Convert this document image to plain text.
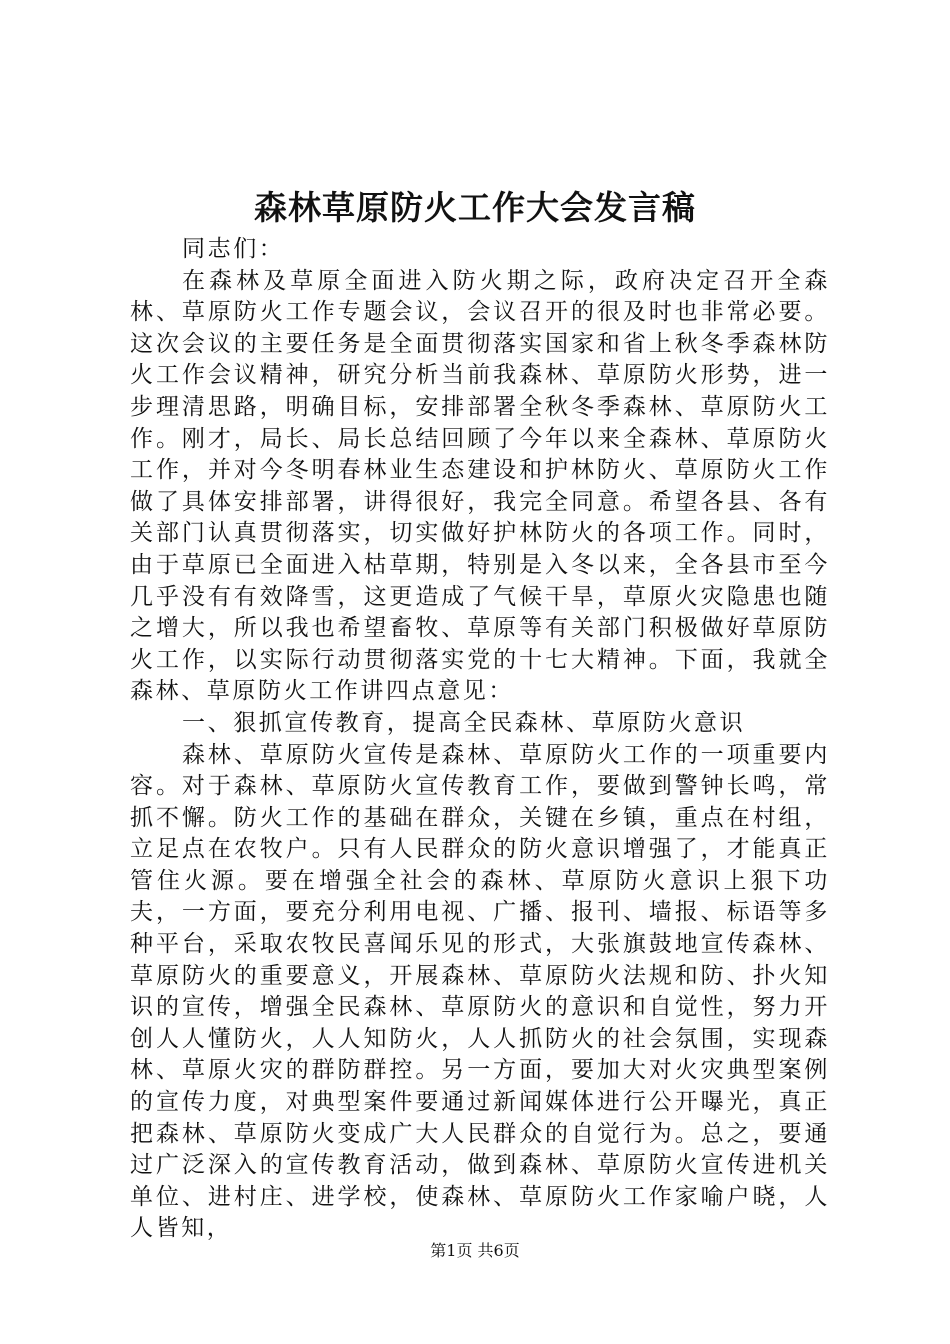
森林草原防火工作大会发言稿

同志们：

在森林及草原全面进入防火期之际，政府决定召开全森林、草原防火工作专题会议，会议召开的很及时也非常必要。这次会议的主要任务是全面贯彻落实国家和省上秋冬季森林防火工作会议精神，研究分析当前我森林、草原防火形势，进一步理清思路，明确目标，安排部署全秋冬季森林、草原防火工作。刚才，局长、局长总结回顾了今年以来全森林、草原防火工作，并对今冬明春林业生态建设和护林防火、草原防火工作做了具体安排部署，讲得很好，我完全同意。希望各县、各有关部门认真贯彻落实，切实做好护林防火的各项工作。同时，由于草原已全面进入枯草期，特别是入冬以来，全各县市至今几乎没有有效降雪，这更造成了气候干旱，草原火灾隐患也随之增大，所以我也希望畜牧、草原等有关部门积极做好草原防火工作，以实际行动贯彻落实党的十七大精神。下面，我就全森林、草原防火工作讲四点意见：

一、狠抓宣传教育，提高全民森林、草原防火意识

森林、草原防火宣传是森林、草原防火工作的一项重要内容。对于森林、草原防火宣传教育工作，要做到警钟长鸣，常抓不懈。防火工作的基础在群众，关键在乡镇，重点在村组，立足点在农牧户。只有人民群众的防火意识增强了，才能真正管住火源。要在增强全社会的森林、草原防火意识上狠下功夫，一方面，要充分利用电视、广播、报刊、墙报、标语等多种平台，采取农牧民喜闻乐见的形式，大张旗鼓地宣传森林、草原防火的重要意义，开展森林、草原防火法规和防、扑火知识的宣传，增强全民森林、草原防火的意识和自觉性，努力开创人人懂防火，人人知防火，人人抓防火的社会氛围，实现森林、草原火灾的群防群控。另一方面，要加大对火灾典型案例的宣传力度，对典型案件要通过新闻媒体进行公开曝光，真正把森林、草原防火变成广大人民群众的自觉行为。总之，要通过广泛深入的宣传教育活动，做到森林、草原防火宣传进机关单位、进村庄、进学校，使森林、草原防火工作家喻户晓，人人皆知，

第1页 共6页
